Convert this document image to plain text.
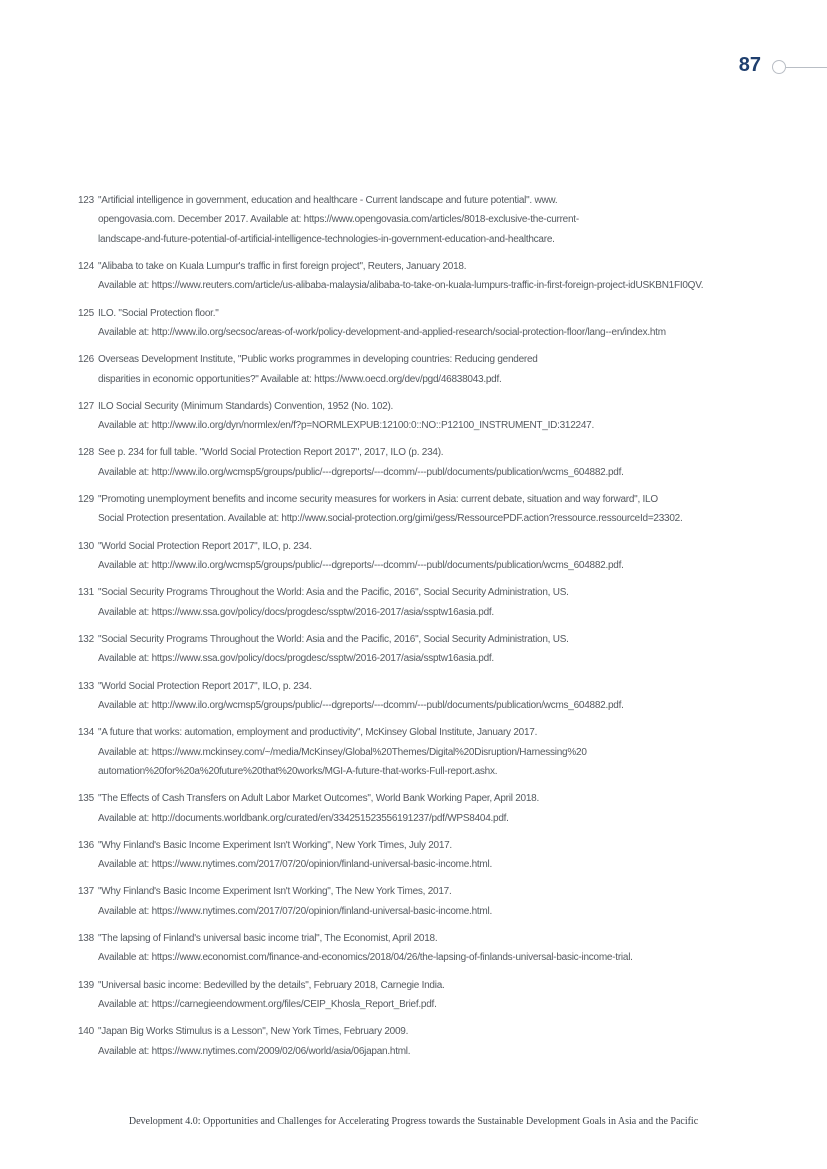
87
123 "Artificial intelligence in government, education and healthcare - Current landscape and future potential". www.
opengovasia.com. December 2017. Available at: https://www.opengovasia.com/articles/8018-exclusive-the-current-
landscape-and-future-potential-of-artificial-intelligence-technologies-in-government-education-and-healthcare.
124 "Alibaba to take on Kuala Lumpur's traffic in first foreign project", Reuters, January 2018.
Available at: https://www.reuters.com/article/us-alibaba-malaysia/alibaba-to-take-on-kuala-lumpurs-traffic-in-first-foreign-project-idUSKBN1FI0QV.
125 ILO. "Social Protection floor."
Available at: http://www.ilo.org/secsoc/areas-of-work/policy-development-and-applied-research/social-protection-floor/lang--en/index.htm
126 Overseas Development Institute, "Public works programmes in developing countries: Reducing gendered
disparities in economic opportunities?" Available at: https://www.oecd.org/dev/pgd/46838043.pdf.
127 ILO Social Security (Minimum Standards) Convention, 1952 (No. 102).
Available at: http://www.ilo.org/dyn/normlex/en/f?p=NORMLEXPUB:12100:0::NO::P12100_INSTRUMENT_ID:312247.
128 See p. 234 for full table. "World Social Protection Report 2017", 2017, ILO (p. 234).
Available at: http://www.ilo.org/wcmsp5/groups/public/---dgreports/---dcomm/---publ/documents/publication/wcms_604882.pdf.
129 "Promoting unemployment benefits and income security measures for workers in Asia: current debate, situation and way forward", ILO
Social Protection presentation. Available at: http://www.social-protection.org/gimi/gess/RessourcePDF.action?ressource.ressourceId=23302.
130 "World Social Protection Report 2017", ILO, p. 234.
Available at: http://www.ilo.org/wcmsp5/groups/public/---dgreports/---dcomm/---publ/documents/publication/wcms_604882.pdf.
131 "Social Security Programs Throughout the World: Asia and the Pacific, 2016", Social Security Administration, US.
Available at: https://www.ssa.gov/policy/docs/progdesc/ssptw/2016-2017/asia/ssptw16asia.pdf.
132 "Social Security Programs Throughout the World: Asia and the Pacific, 2016", Social Security Administration, US.
Available at: https://www.ssa.gov/policy/docs/progdesc/ssptw/2016-2017/asia/ssptw16asia.pdf.
133 "World Social Protection Report 2017", ILO, p. 234.
Available at: http://www.ilo.org/wcmsp5/groups/public/---dgreports/---dcomm/---publ/documents/publication/wcms_604882.pdf.
134 "A future that works: automation, employment and productivity", McKinsey Global Institute, January 2017.
Available at: https://www.mckinsey.com/~/media/McKinsey/Global%20Themes/Digital%20Disruption/Harnessing%20
automation%20for%20a%20future%20that%20works/MGI-A-future-that-works-Full-report.ashx.
135 "The Effects of Cash Transfers on Adult Labor Market Outcomes", World Bank Working Paper, April 2018.
Available at: http://documents.worldbank.org/curated/en/334251523556191237/pdf/WPS8404.pdf.
136 "Why Finland's Basic Income Experiment Isn't Working", New York Times, July 2017.
Available at: https://www.nytimes.com/2017/07/20/opinion/finland-universal-basic-income.html.
137 "Why Finland's Basic Income Experiment Isn't Working", The New York Times, 2017.
Available at: https://www.nytimes.com/2017/07/20/opinion/finland-universal-basic-income.html.
138 "The lapsing of Finland's universal basic income trial", The Economist, April 2018.
Available at: https://www.economist.com/finance-and-economics/2018/04/26/the-lapsing-of-finlands-universal-basic-income-trial.
139 "Universal basic income: Bedevilled by the details", February 2018, Carnegie India.
Available at: https://carnegieendowment.org/files/CEIP_Khosla_Report_Brief.pdf.
140 "Japan Big Works Stimulus is a Lesson", New York Times, February 2009.
Available at: https://www.nytimes.com/2009/02/06/world/asia/06japan.html.
Development 4.0: Opportunities and Challenges for Accelerating Progress towards the Sustainable Development Goals in Asia and the Pacific
